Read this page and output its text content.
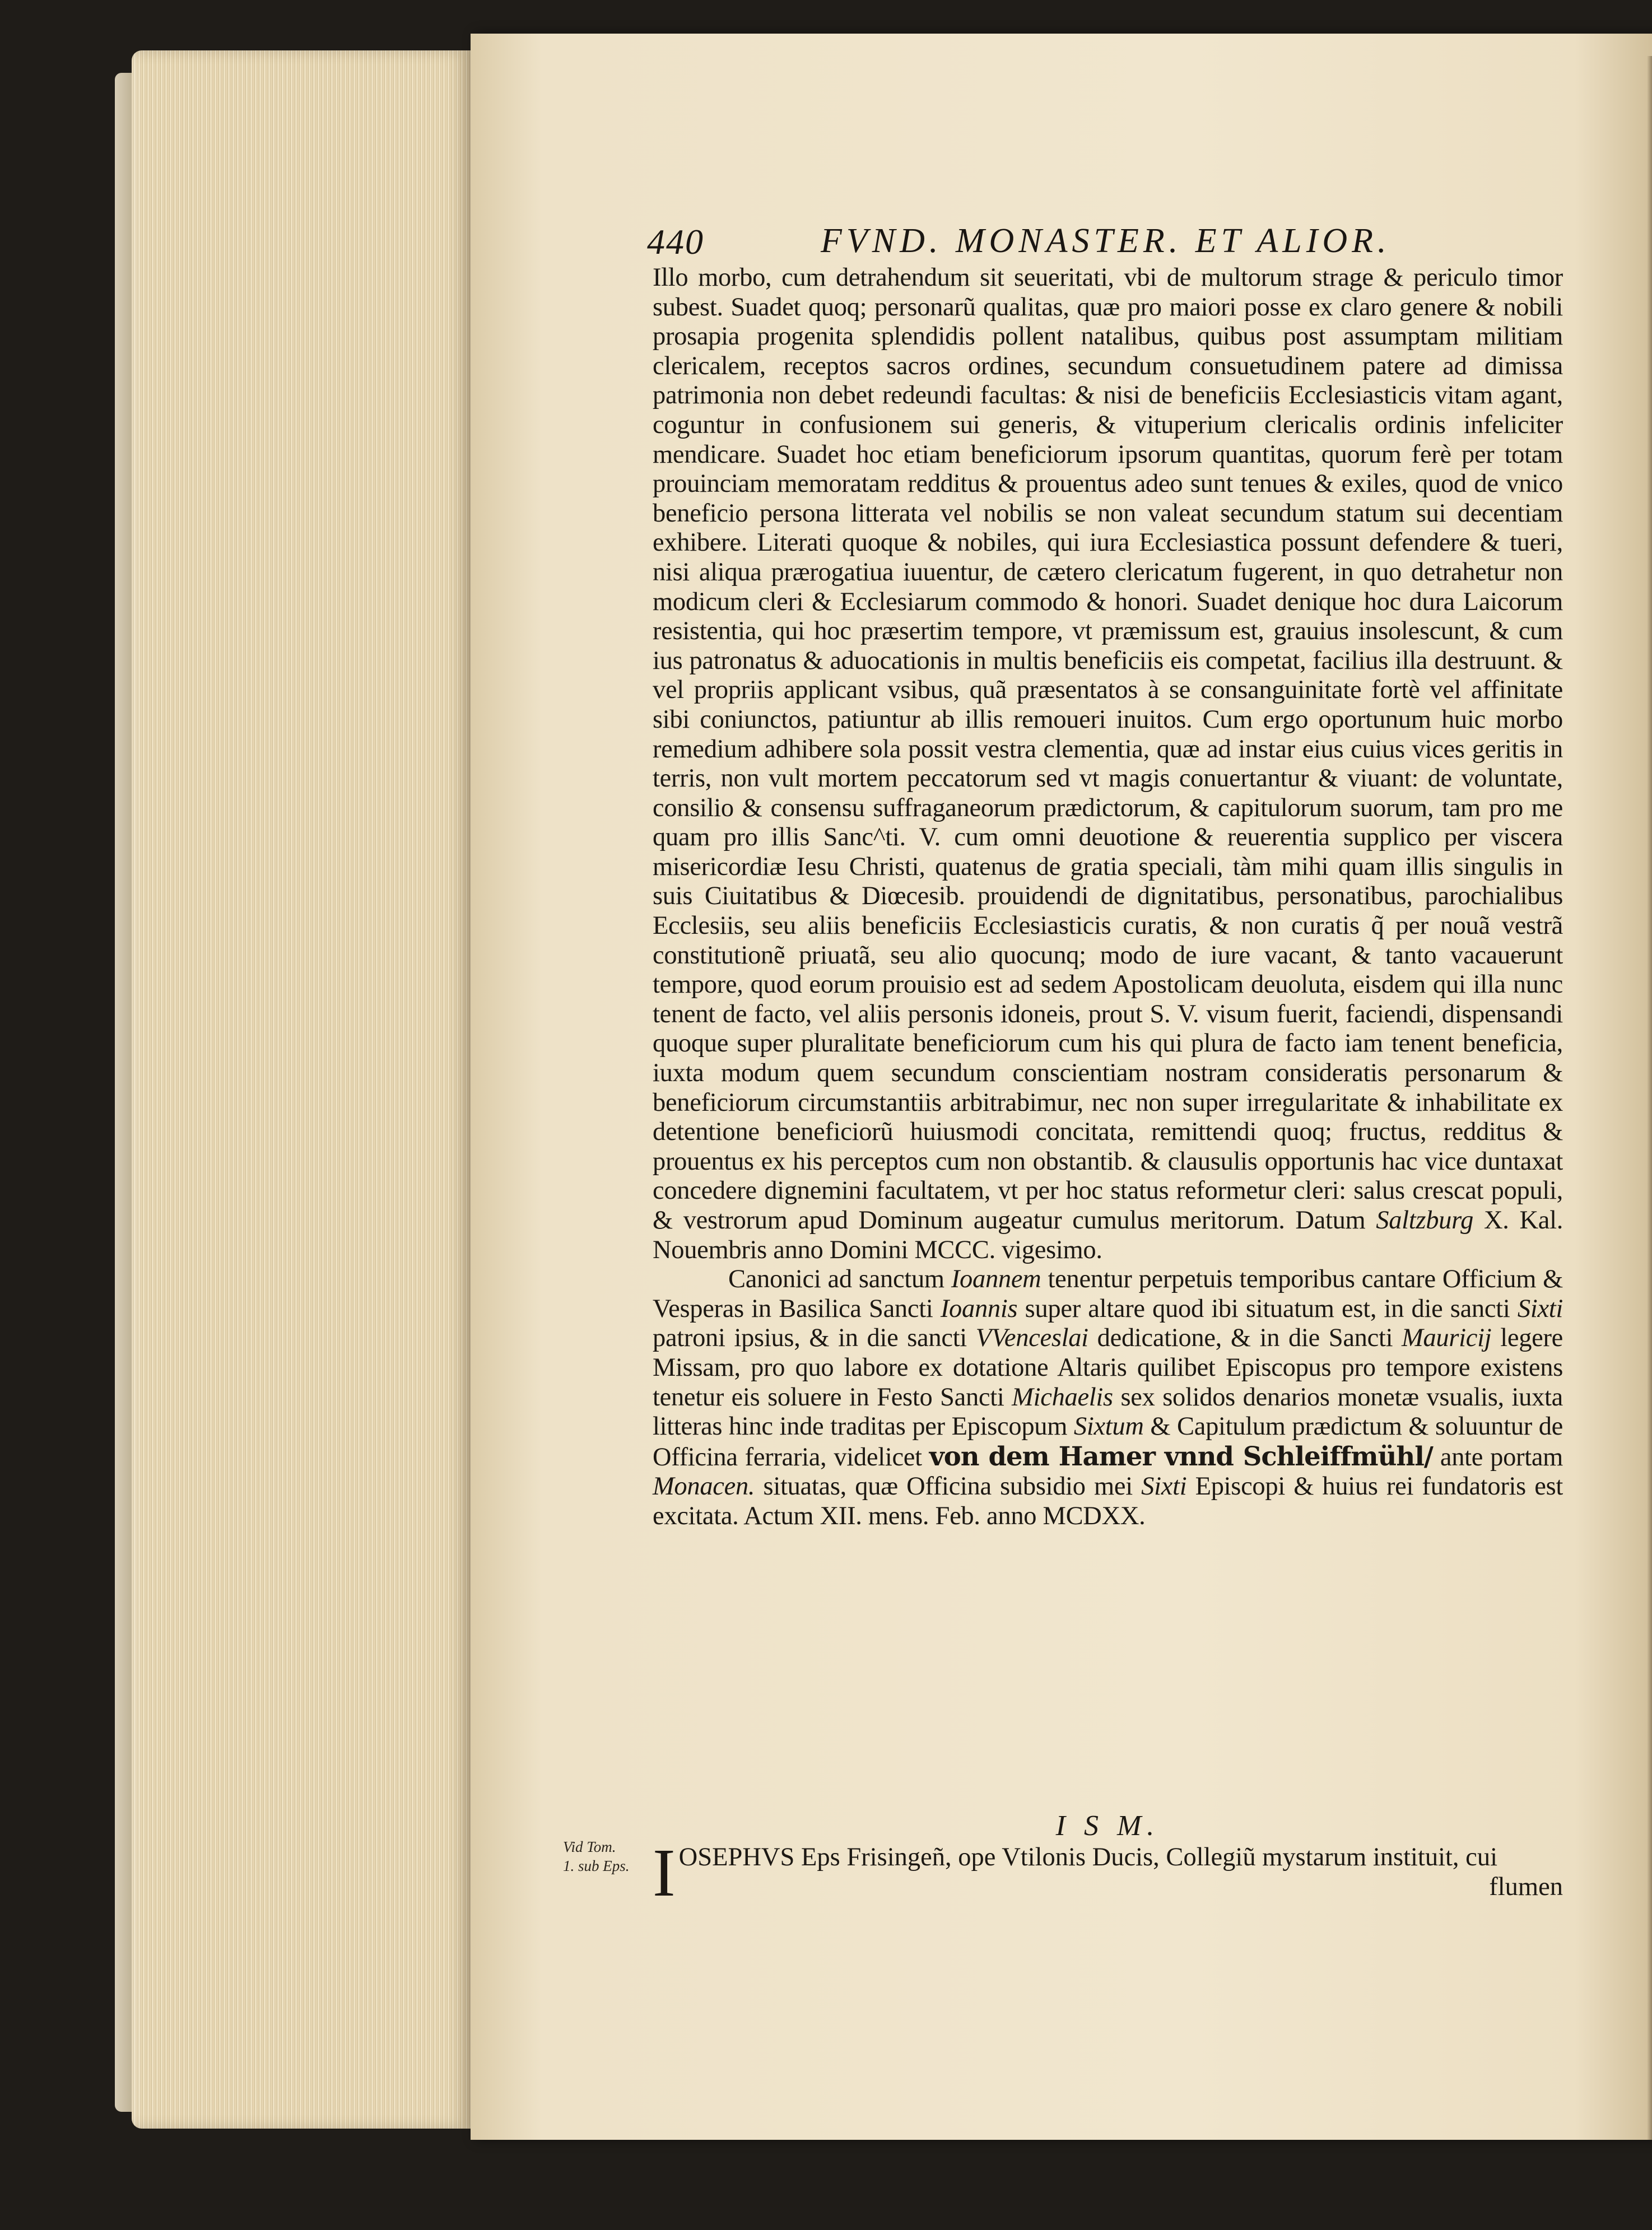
440	FVND. MONASTER. ET ALIOR.

Illo morbo, cum detrahendum sit seueritati, vbi de multorum strage & periculo timor subest. Suadet quoq; personarũ qualitas, quæ pro maiori posse ex claro genere & nobili prosapia progenita splendidis pollent natalibus, quibus post assumptam militiam clericalem, receptos sacros ordines, secundum consuetudinem patere ad dimissa patrimonia non debet redeundi facultas: & nisi de beneficiis Ecclesiasticis vitam agant, coguntur in confusionem sui generis, & vituperium clericalis ordinis infeliciter mendicare. Suadet hoc etiam beneficiorum ipsorum quantitas, quorum ferè per totam prouinciam memoratam redditus & prouentus adeo sunt tenues & exiles, quod de vnico beneficio persona litterata vel nobilis se non valeat secundum statum sui decentiam exhibere. Literati quoque & nobiles, qui iura Ecclesiastica possunt defendere & tueri, nisi aliqua prærogatiua iuuentur, de cætero clericatum fugerent, in quo detrahetur non modicum cleri & Ecclesiarum commodo & honori. Suadet denique hoc dura Laicorum resistentia, qui hoc præsertim tempore, vt præmissum est, grauius insolescunt, & cum ius patronatus & aduocationis in multis beneficiis eis competat, facilius illa destruunt. & vel propriis applicant vsibus, quã præsentatos à se consanguinitate fortè vel affinitate sibi coniunctos, patiuntur ab illis remoueri inuitos. Cum ergo oportunum huic morbo remedium adhibere sola possit vestra clementia, quæ ad instar eius cuius vices geritis in terris, non vult mortem peccatorum sed vt magis conuertantur & viuant: de voluntate, consilio & consensu suffraganeorum prædictorum, & capitulorum suorum, tam pro me quam pro illis Sanc^ti. V. cum omni deuotione & reuerentia supplico per viscera misericordiæ Iesu Christi, quatenus de gratia speciali, tàm mihi quam illis singulis in suis Ciuitatibus & Diœcesib. prouidendi de dignitatibus, personatibus, parochialibus Ecclesiis, seu aliis beneficiis Ecclesiasticis curatis, & non curatis q̃ per nouã vestrã constitutionẽ priuatã, seu alio quocunq; modo de iure vacant, & tanto vacauerunt tempore, quod eorum prouisio est ad sedem Apostolicam deuoluta, eisdem qui illa nunc tenent de facto, vel aliis personis idoneis, prout S. V. visum fuerit, faciendi, dispensandi quoque super pluralitate beneficiorum cum his qui plura de facto iam tenent beneficia, iuxta modum quem secundum conscientiam nostram consideratis personarum & beneficiorum circumstantiis arbitrabimur, nec non super irregularitate & inhabilitate ex detentione beneficiorũ huiusmodi concitata, remittendi quoq; fructus, redditus & prouentus ex his perceptos cum non obstantib. & clausulis opportunis hac vice duntaxat concedere dignemini facultatem, vt per hoc status reformetur cleri: salus crescat populi, & vestrorum apud Dominum augeatur cumulus meritorum. Datum Saltzburg X. Kal. Nouembris anno Domini MCCC. vigesimo.

Canonici ad sanctum Ioannem tenentur perpetuis temporibus cantare Officium & Vesperas in Basilica Sancti Ioannis super altare quod ibi situatum est, in die sancti Sixti patroni ipsius, & in die sancti VVenceslai dedicatione, & in die Sancti Mauricij legere Missam, pro quo labore ex dotatione Altaris quilibet Episcopus pro tempore existens tenetur eis soluere in Festo Sancti Michaelis sex solidos denarios monetæ vsualis, iuxta litteras hinc inde traditas per Episcopum Sixtum & Capitulum prædictum & soluuntur de Officina ferraria, videlicet von dem Hamer vnnd Schleiffmühl/ ante portam Monacen. situatas, quæ Officina subsidio mei Sixti Episcopi & huius rei fundatoris est excitata. Actum XII. mens. Feb. anno MCDXX.

I S M.
Vid Tom.
1. sub Eps. I OSEPHVS Eps Frisingeñ, ope Vtilonis Ducis, Collegiũ mystarum instituit, cui
flumen
